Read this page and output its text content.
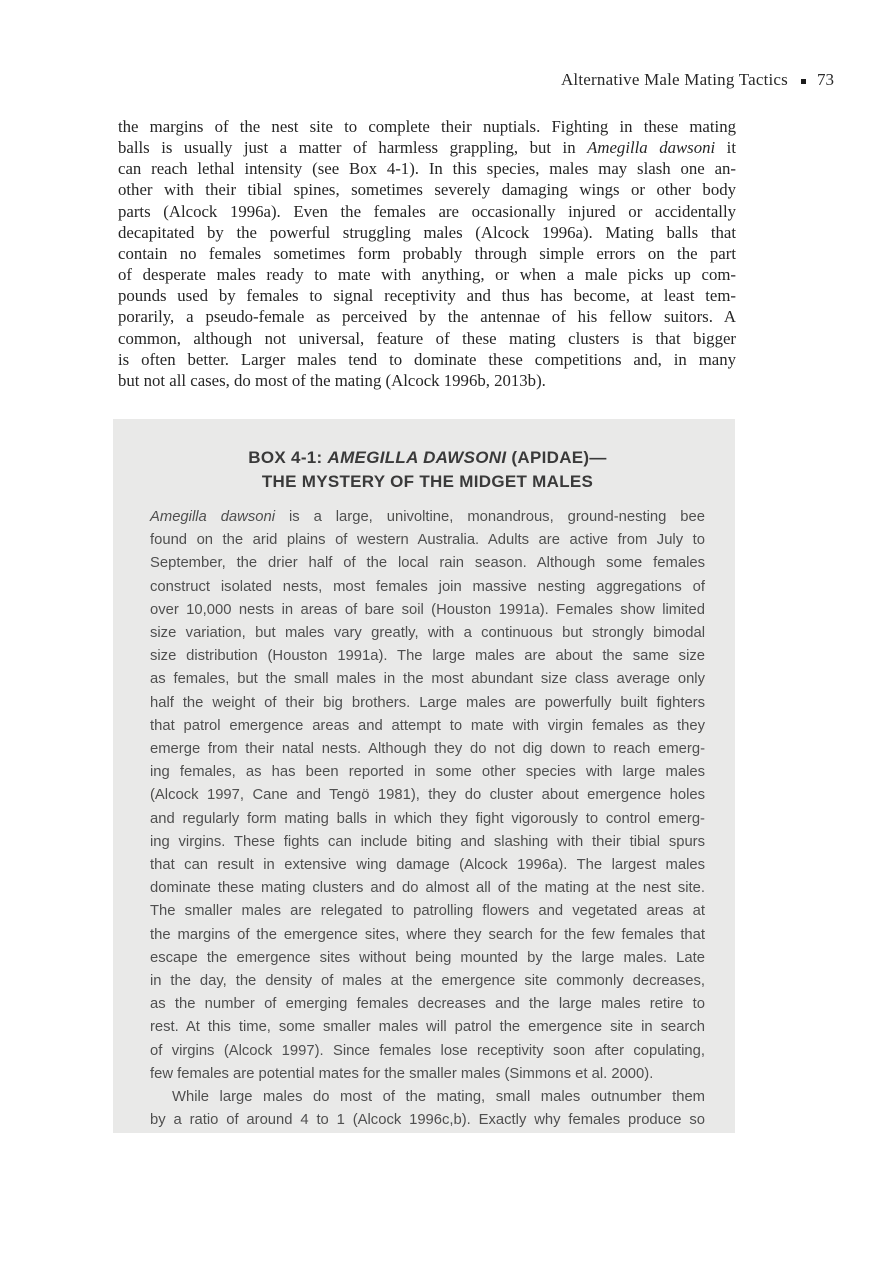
Alternative Male Mating Tactics 73
the margins of the nest site to complete their nuptials. Fighting in these mating
balls is usually just a matter of harmless grappling, but in Amegilla dawsoni it
can reach lethal intensity (see Box 4-1). In this species, males may slash one an-
other with their tibial spines, sometimes severely damaging wings or other body
parts (Alcock 1996a). Even the females are occasionally injured or accidentally
decapitated by the powerful struggling males (Alcock 1996a). Mating balls that
contain no females sometimes form probably through simple errors on the part
of desperate males ready to mate with anything, or when a male picks up com-
pounds used by females to signal receptivity and thus has become, at least tem-
porarily, a pseudo-female as perceived by the antennae of his fellow suitors. A
common, although not universal, feature of these mating clusters is that bigger
is often better. Larger males tend to dominate these competitions and, in many
but not all cases, do most of the mating (Alcock 1996b, 2013b).
BOX 4-1: AMEGILLA DAWSONI (APIDAE)—
THE MYSTERY OF THE MIDGET MALES
Amegilla dawsoni is a large, univoltine, monandrous, ground-nesting bee
found on the arid plains of western Australia. Adults are active from July to
September, the drier half of the local rain season. Although some females
construct isolated nests, most females join massive nesting aggregations of
over 10,000 nests in areas of bare soil (Houston 1991a). Females show limited
size variation, but males vary greatly, with a continuous but strongly bimodal
size distribution (Houston 1991a). The large males are about the same size
as females, but the small males in the most abundant size class average only
half the weight of their big brothers. Large males are powerfully built fighters
that patrol emergence areas and attempt to mate with virgin females as they
emerge from their natal nests. Although they do not dig down to reach emerg-
ing females, as has been reported in some other species with large males
(Alcock 1997, Cane and Tengö 1981), they do cluster about emergence holes
and regularly form mating balls in which they fight vigorously to control emerg-
ing virgins. These fights can include biting and slashing with their tibial spurs
that can result in extensive wing damage (Alcock 1996a). The largest males
dominate these mating clusters and do almost all of the mating at the nest site.
The smaller males are relegated to patrolling flowers and vegetated areas at
the margins of the emergence sites, where they search for the few females that
escape the emergence sites without being mounted by the large males. Late
in the day, the density of males at the emergence site commonly decreases,
as the number of emerging females decreases and the large males retire to
rest. At this time, some smaller males will patrol the emergence site in search
of virgins (Alcock 1997). Since females lose receptivity soon after copulating,
few females are potential mates for the smaller males (Simmons et al. 2000).
While large males do most of the mating, small males outnumber them
by a ratio of around 4 to 1 (Alcock 1996c,b). Exactly why females produce so
